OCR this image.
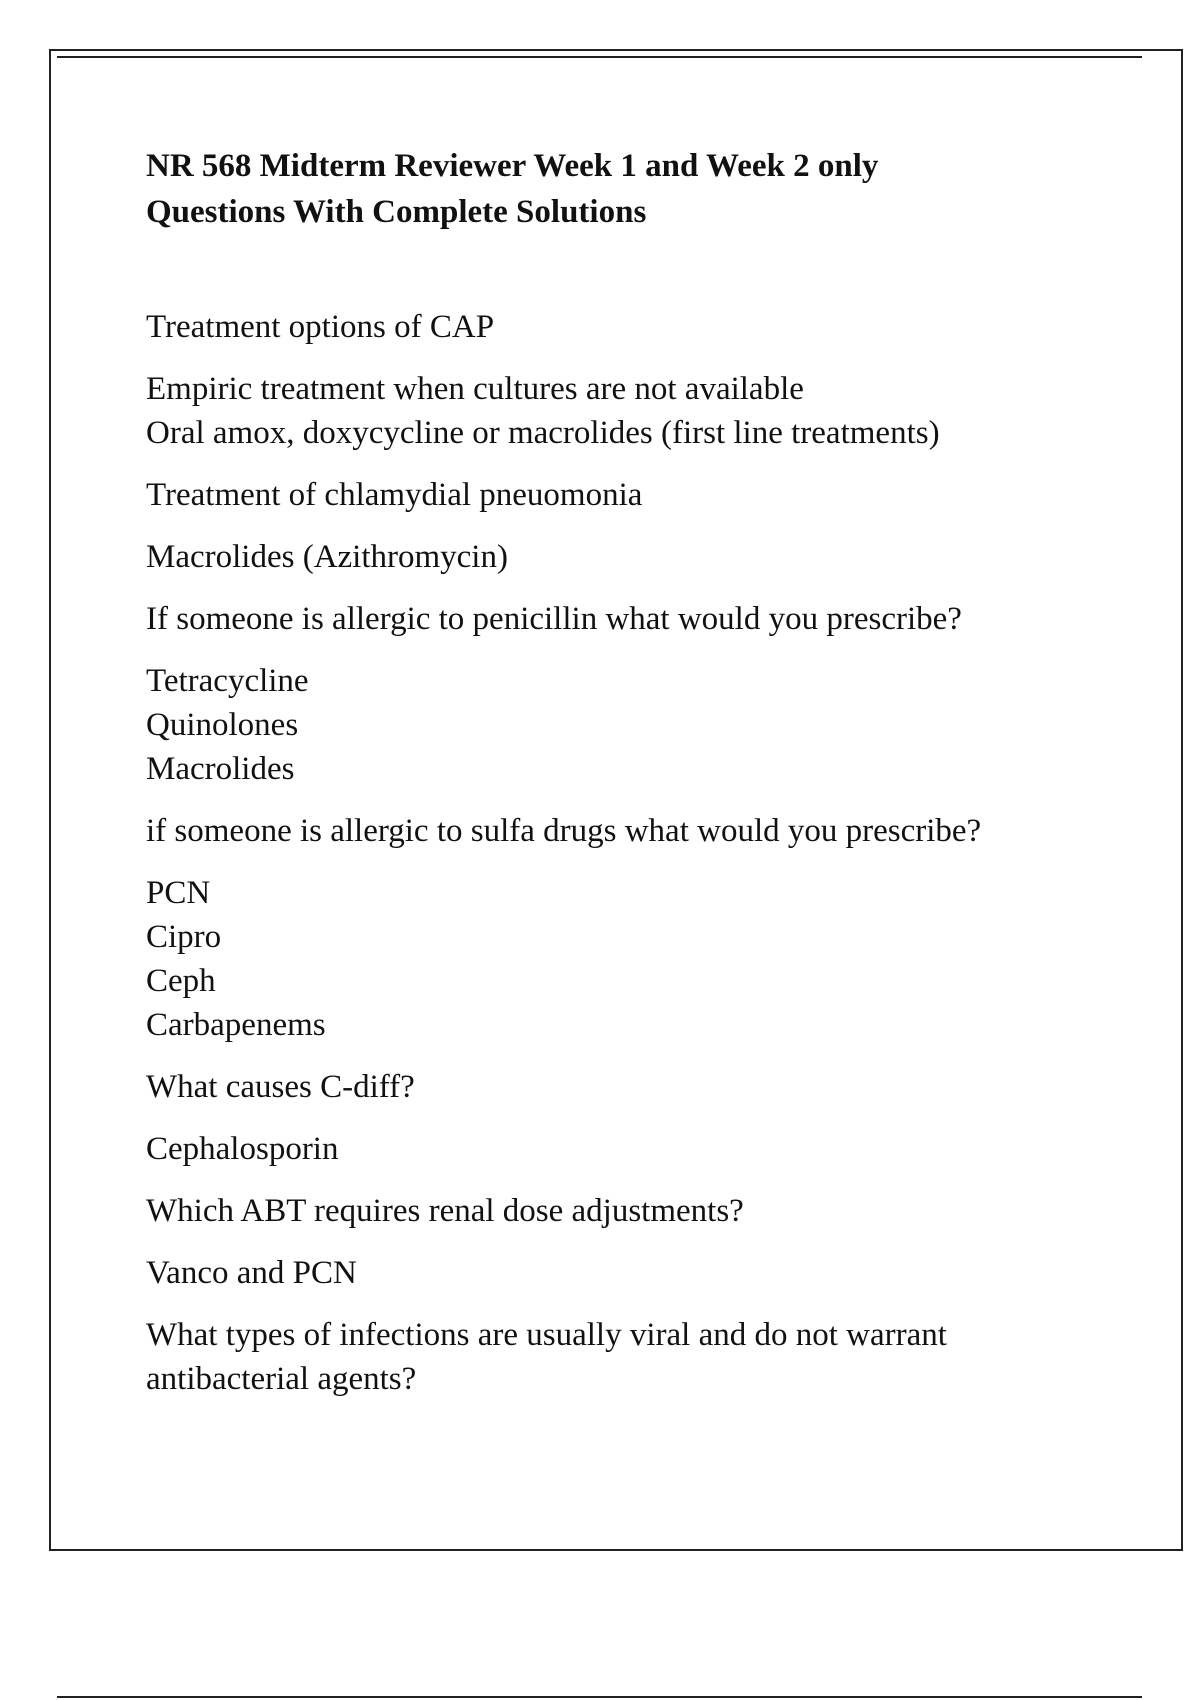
NR 568 Midterm Reviewer Week 1 and Week 2 only
Questions With Complete Solutions

Treatment options of CAP

Empiric treatment when cultures are not available
Oral amox, doxycycline or macrolides (first line treatments)

Treatment of chlamydial pneuomonia

Macrolides (Azithromycin)

If someone is allergic to penicillin what would you prescribe?

Tetracycline
Quinolones
Macrolides

if someone is allergic to sulfa drugs what would you prescribe?

PCN
Cipro
Ceph
Carbapenems

What causes C-diff?

Cephalosporin

Which ABT requires renal dose adjustments?

Vanco and PCN

What types of infections are usually viral and do not warrant
antibacterial agents?
